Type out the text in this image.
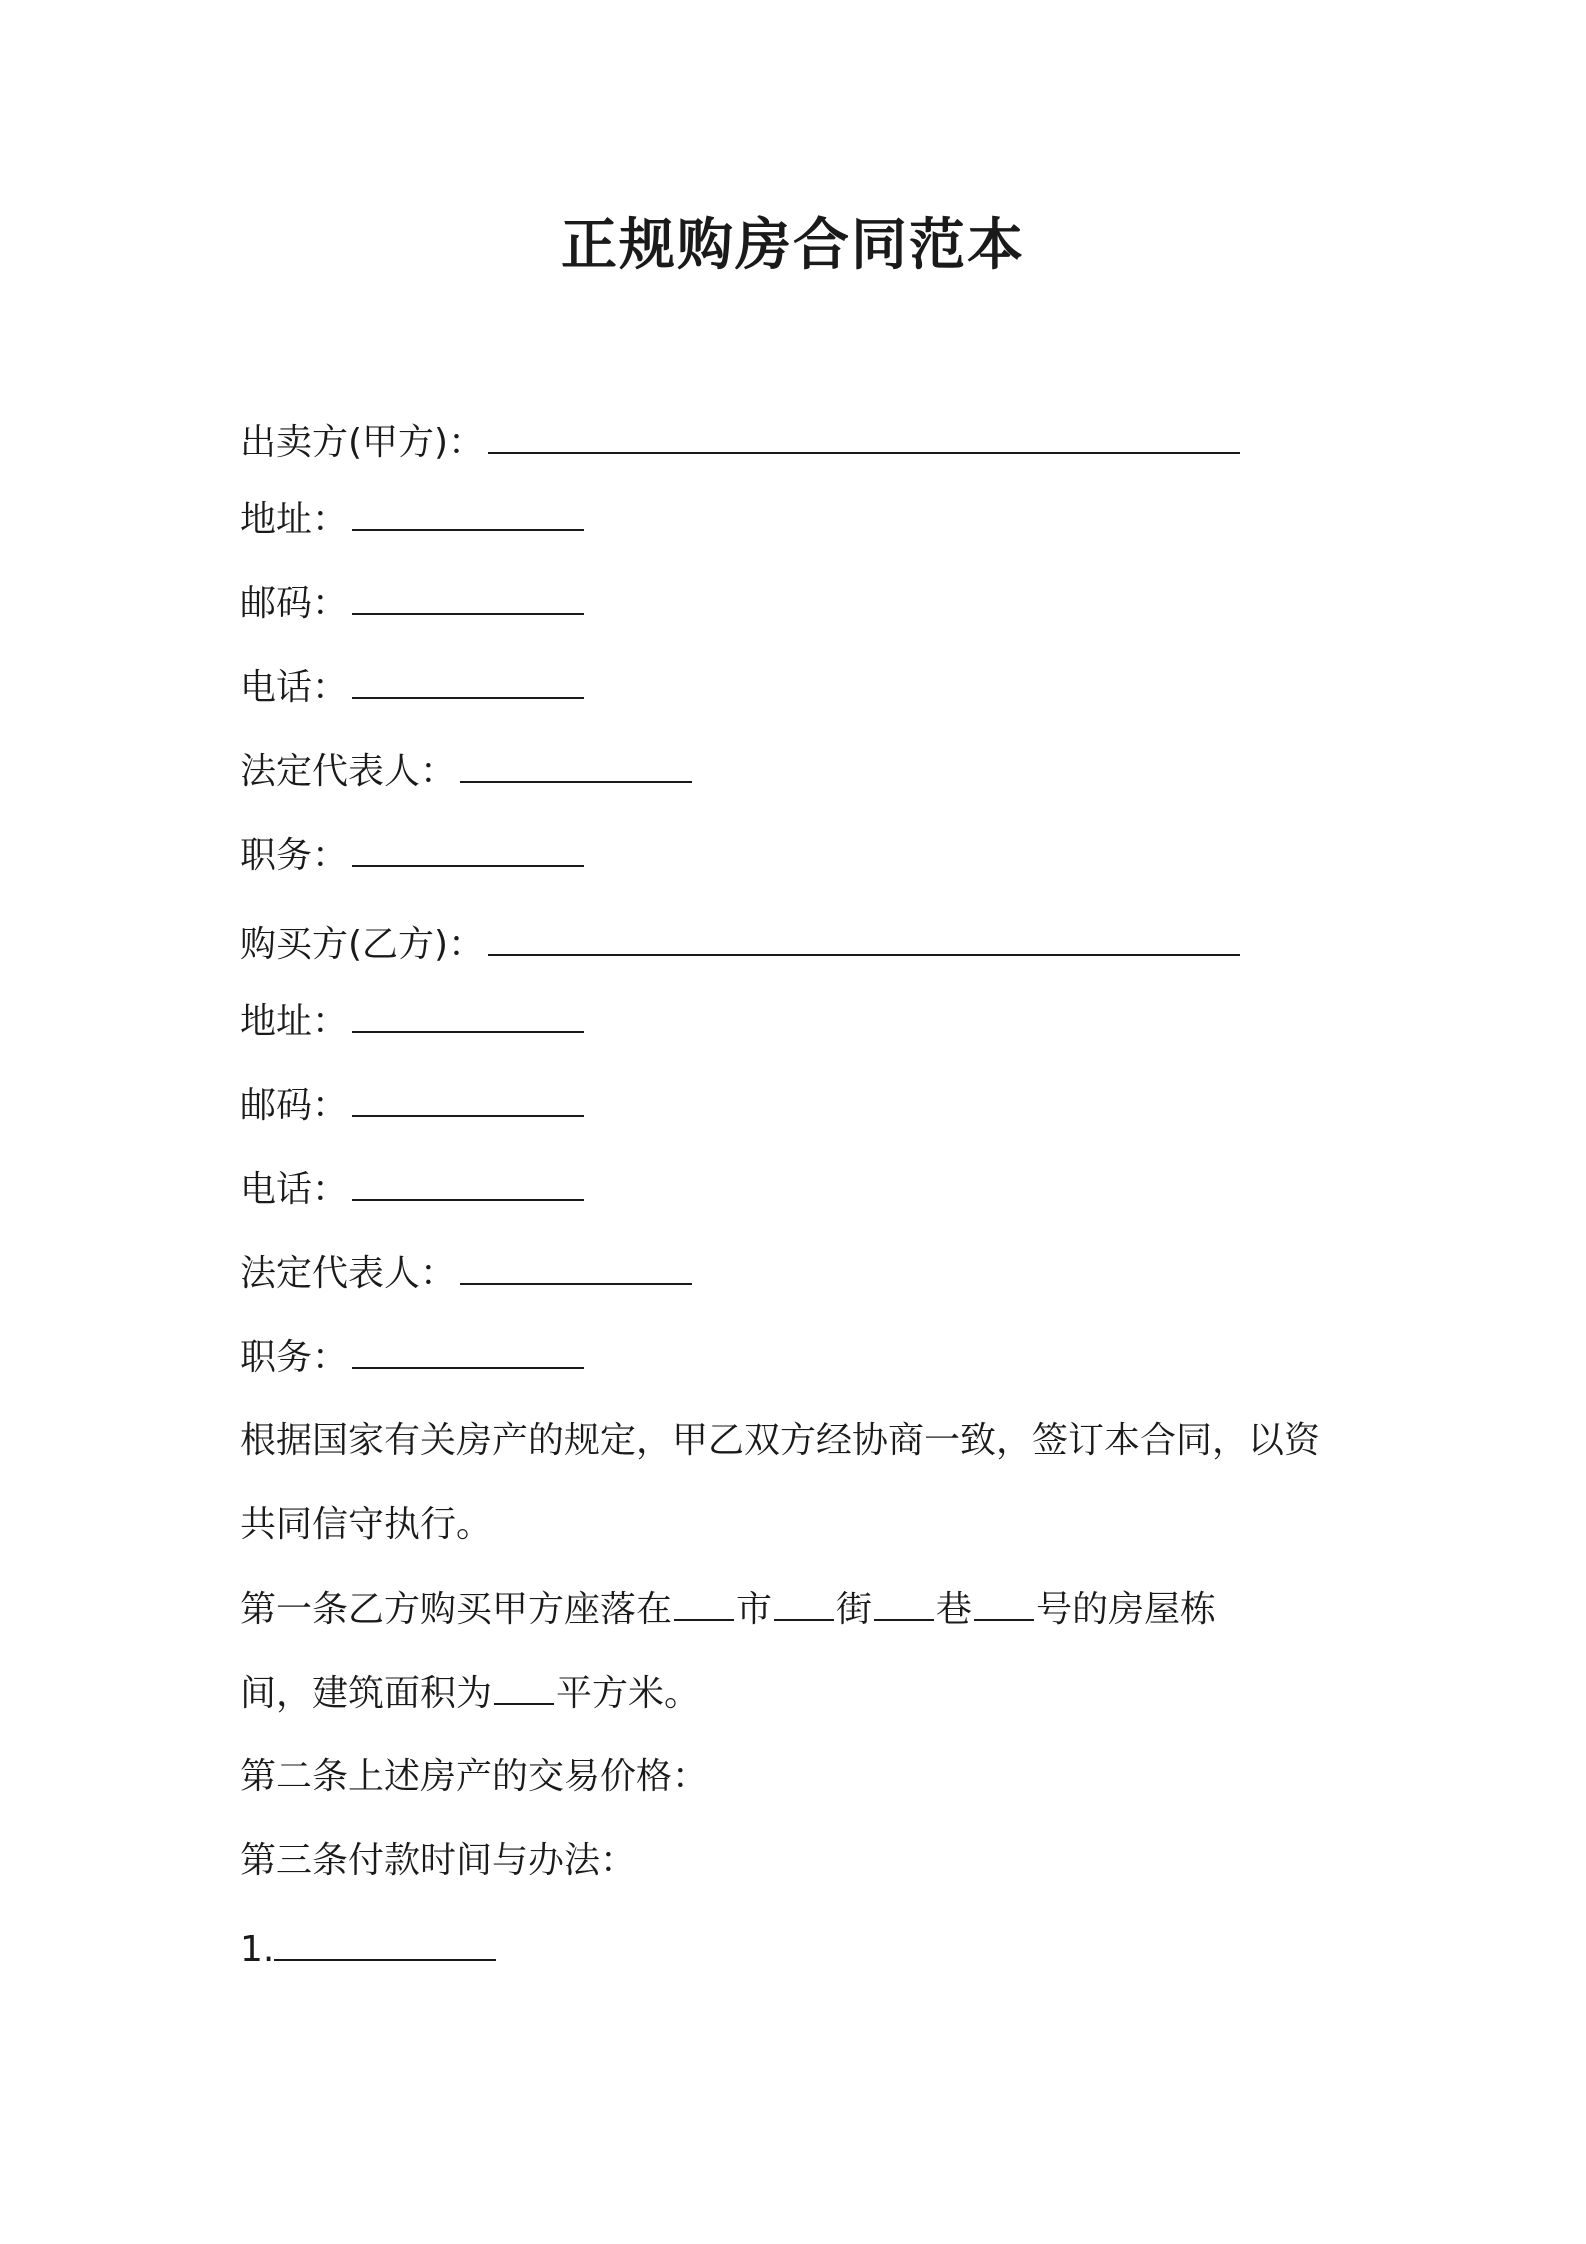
正规购房合同范本

出卖方(甲方)：

地址：

邮码：

电话：

法定代表人：

职务：

购买方(乙方)：

地址：

邮码：

电话：

法定代表人：

职务：

根据国家有关房产的规定，甲乙双方经协商一致，签订本合同，以资

共同信守执行。

第一条乙方购买甲方座落在 市 街 巷 号的房屋栋

间，建筑面积为 平方米。

第二条上述房产的交易价格：

第三条付款时间与办法：

1.
